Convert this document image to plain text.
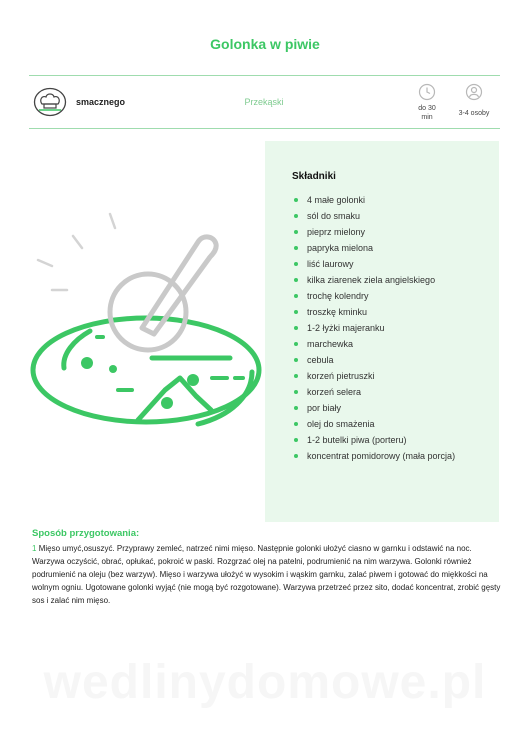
Golonka w piwie
smacznego	Przekąski
do 30
min
3-4 osoby
Składniki
4 małe golonki
sól do smaku
pieprz mielony
papryka mielona
liść laurowy
kilka ziarenek ziela angielskiego
trochę kolendry
troszkę kminku
1-2 łyżki majeranku
marchewka
cebula
korzeń pietruszki
korzeń selera
por biały
olej do smażenia
1-2 butelki piwa (porteru)
koncentrat pomidorowy (mała porcja)
Sposób przygotowania:
1 Mięso umyć,osuszyć. Przyprawy zemleć, natrzeć nimi mięso. Następnie golonki ułożyć ciasno w garnku i odstawić na noc. Warzywa oczyścić, obrać, opłukać, pokroić w paski. Rozgrzać olej na patelni, podrumienić na nim warzywa. Golonki również podrumienić na oleju (bez warzyw). Mięso i warzywa ułożyć w wysokim i wąskim garnku, zalać piwem i gotować do miękkości na wolnym ogniu. Ugotowane golonki wyjąć (nie mogą być rozgotowane). Warzywa przetrzeć przez sito, dodać koncentrat, zrobić gęsty sos i zalać nim mięso.
wedlinydomowe.pl
